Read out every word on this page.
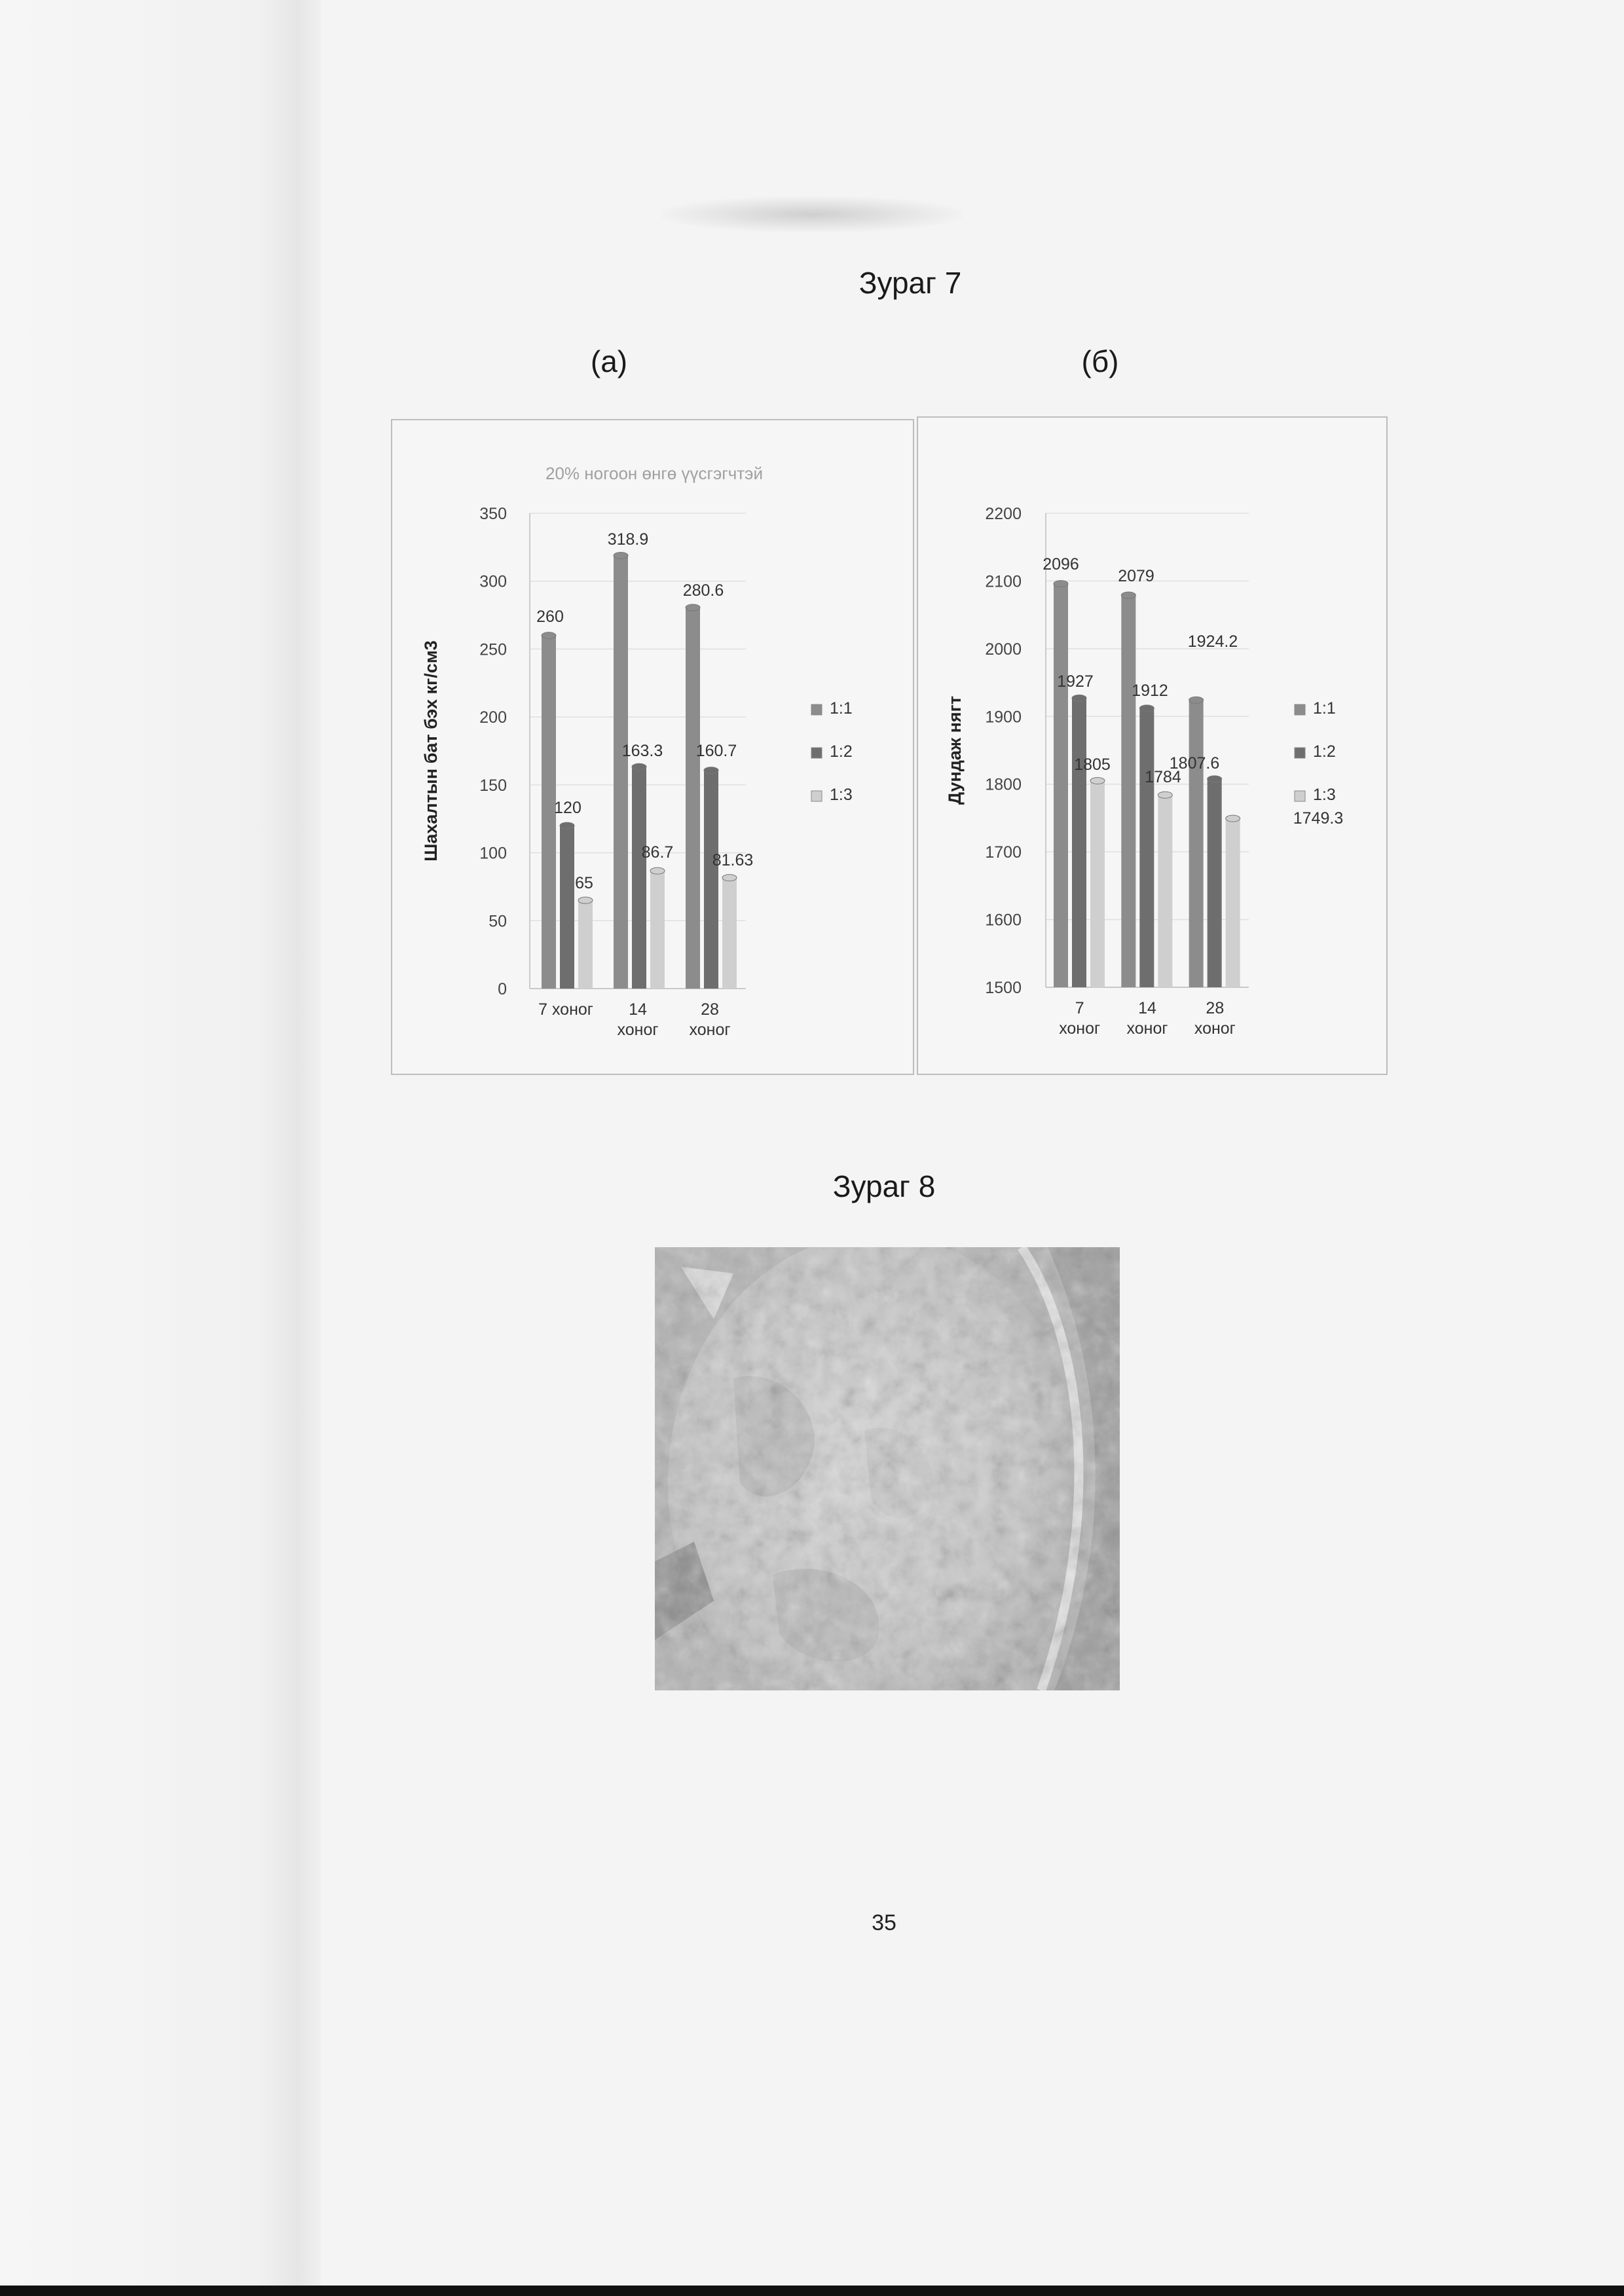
Зураг 7
(а)	(б)
20% ногоон өнгө үүсгэгчтэй
0
50
100
150
200
250
300
350
Шахалтын бат бэх кг/см3
260
318.9
280.6
120
163.3 160.7
65
86.7 81.63
7 хоног	14 хоног
28 хоног
1:1
1:2
1:3
1500
1600
1700
1800
1900
2000
2100
2200
Дундаж нягт
2096
2079
1924.2
1927 1912
1807.6
1805
1784
1749.3
7 хоног
14 хоног
28 хоног
1:1
1:2
1:3
Зураг 8
35
